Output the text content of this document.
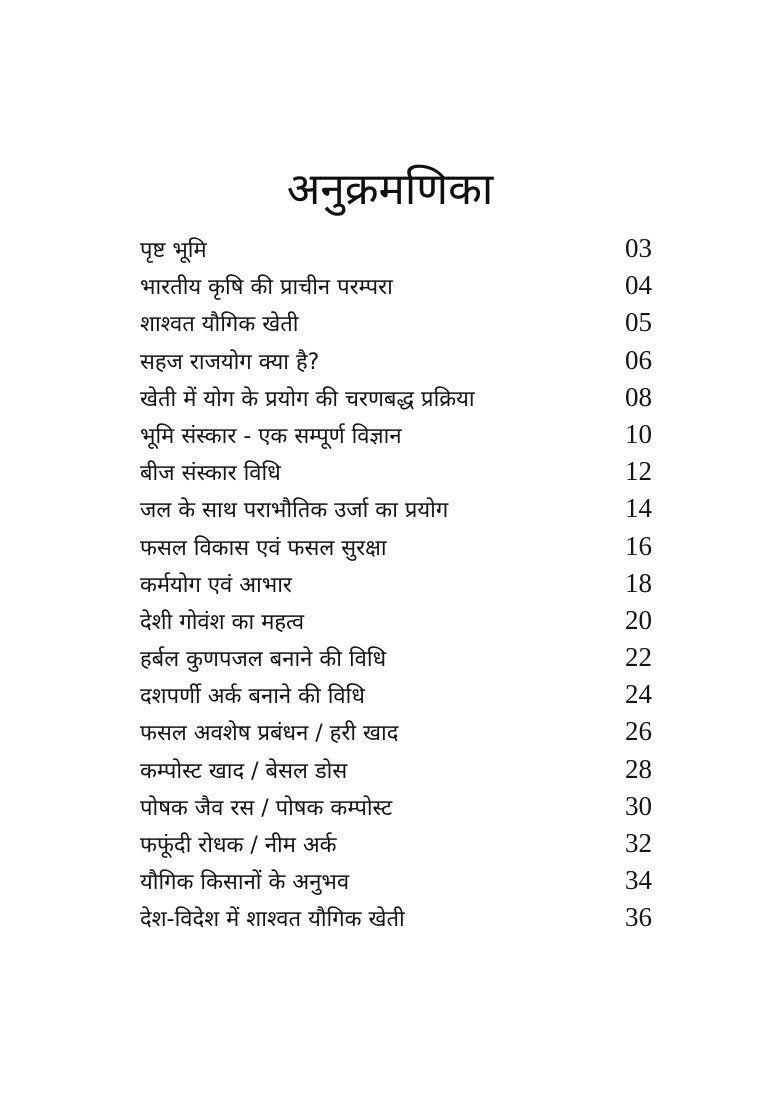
अनुक्रमणिका
पृष्ट भूमि	03
भारतीय कृषि की प्राचीन परम्परा	04
शाश्वत यौगिक खेती	05
सहज राजयोग क्या है?	06
खेती में योग के प्रयोग की चरणबद्ध प्रक्रिया	08
भूमि संस्कार - एक सम्पूर्ण विज्ञान	10
बीज संस्कार विधि	12
जल के साथ पराभौतिक उर्जा का प्रयोग	14
फसल विकास एवं फसल सुरक्षा	16
कर्मयोग एवं आभार	18
देशी गोवंश का महत्व	20
हर्बल कुणपजल बनाने की विधि	22
दशपर्णी अर्क बनाने की विधि	24
फसल अवशेष प्रबंधन / हरी खाद	26
कम्पोस्ट खाद / बेसल डोस	28
पोषक जैव रस / पोषक कम्पोस्ट	30
फफूंदी रोधक / नीम अर्क	32
यौगिक किसानों के अनुभव	34
देश-विदेश में शाश्वत यौगिक खेती	36
